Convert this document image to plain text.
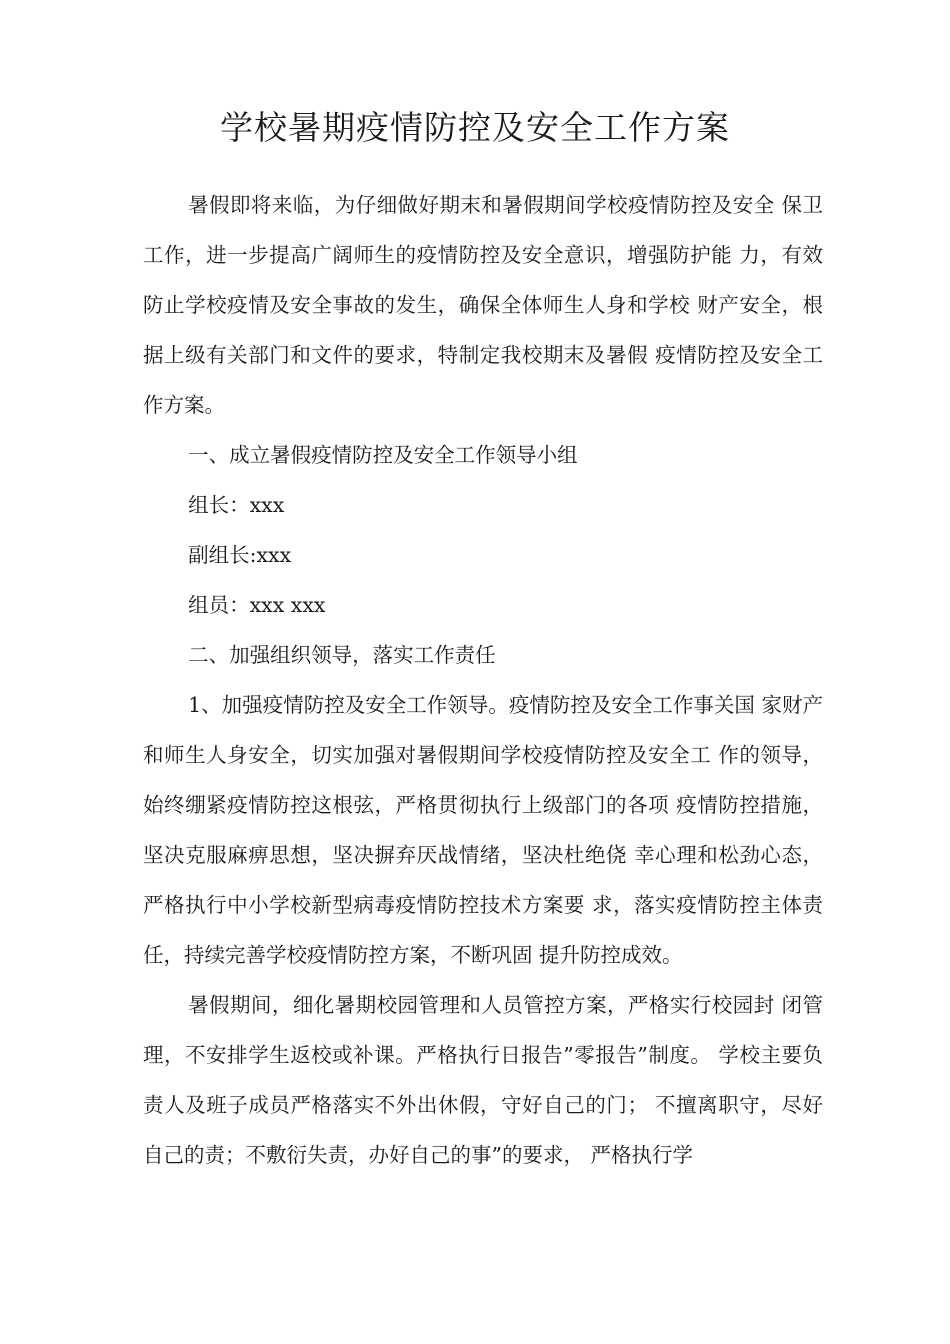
学校暑期疫情防控及安全工作方案

暑假即将来临，为仔细做好期末和暑假期间学校疫情防控及安全 保卫工作，进一步提高广阔师生的疫情防控及安全意识，增强防护能 力，有效防止学校疫情及安全事故的发生，确保全体师生人身和学校 财产安全，根据上级有关部门和文件的要求，特制定我校期末及暑假 疫情防控及安全工作方案。

一、成立暑假疫情防控及安全工作领导小组

组长：xxx

副组长:xxx

组员：xxx xxx

二、加强组织领导，落实工作责任

1、加强疫情防控及安全工作领导。疫情防控及安全工作事关国 家财产和师生人身安全，切实加强对暑假期间学校疫情防控及安全工 作的领导，始终绷紧疫情防控这根弦，严格贯彻执行上级部门的各项 疫情防控措施，坚决克服麻痹思想，坚决摒弃厌战情绪，坚决杜绝侥 幸心理和松劲心态，严格执行中小学校新型病毒疫情防控技术方案要 求，落实疫情防控主体责任，持续完善学校疫情防控方案，不断巩固 提升防控成效。

暑假期间，细化暑期校园管理和人员管控方案，严格实行校园封 闭管理，不安排学生返校或补课。严格执行日报告”零报告”制度。 学校主要负责人及班子成员严格落实不外出休假，守好自己的门； 不擅离职守，尽好自己的责；不敷衍失责，办好自己的事”的要求， 严格执行学
